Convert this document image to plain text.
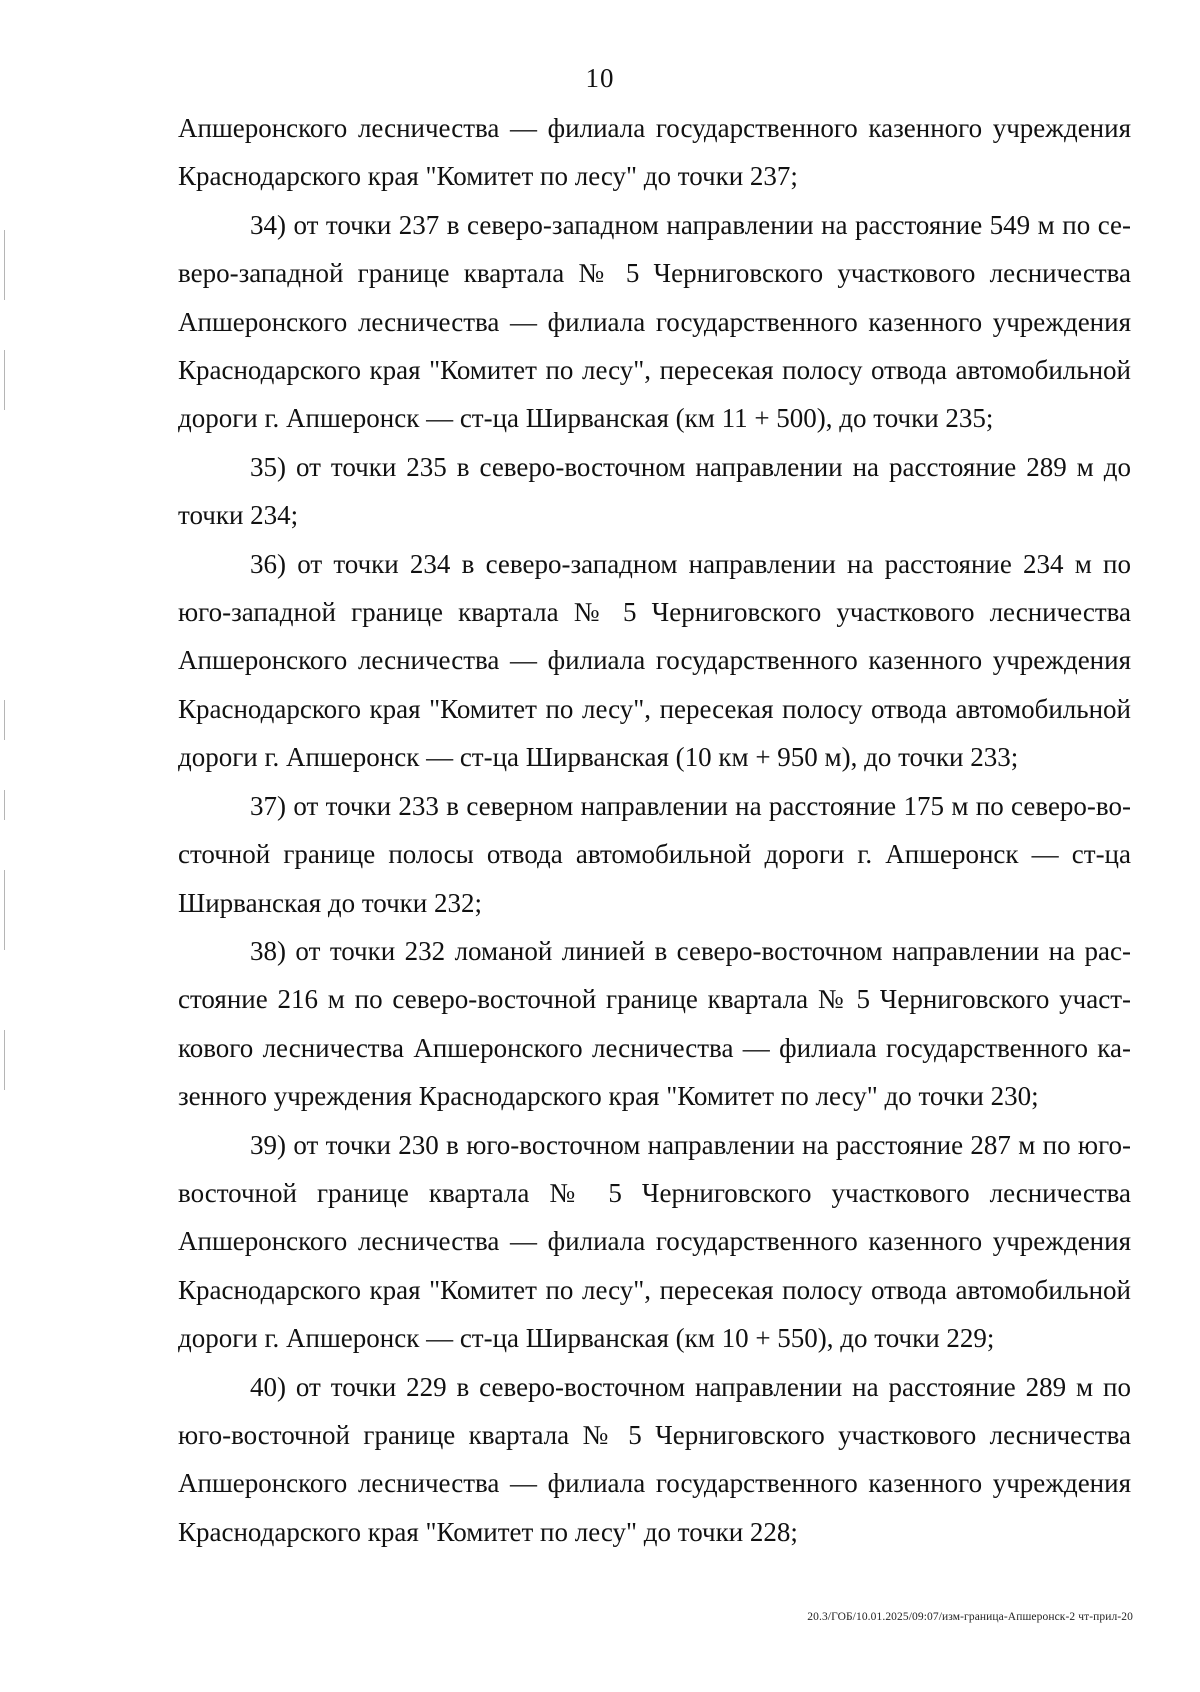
10

Апшеронского лесничества — филиала государственного казенного учреждения Краснодарского края "Комитет по лесу" до точки 237;

34) от точки 237 в северо-западном направлении на расстояние 549 м по северо-западной границе квартала № 5 Черниговского участкового лесничества Апшеронского лесничества — филиала государственного казенного учреждения Краснодарского края "Комитет по лесу", пересекая полосу отвода автомобильной дороги г. Апшеронск — ст-ца Ширванская (км 11 + 500), до точки 235;

35) от точки 235 в северо-восточном направлении на расстояние 289 м до точки 234;

36) от точки 234 в северо-западном направлении на расстояние 234 м по юго-западной границе квартала № 5 Черниговского участкового лесничества Апшеронского лесничества — филиала государственного казенного учреждения Краснодарского края "Комитет по лесу", пересекая полосу отвода автомобильной дороги г. Апшеронск — ст-ца Ширванская (10 км + 950 м), до точки 233;

37) от точки 233 в северном направлении на расстояние 175 м по северо-восточной границе полосы отвода автомобильной дороги г. Апшеронск — ст-ца Ширванская до точки 232;

38) от точки 232 ломаной линией в северо-восточном направлении на расстояние 216 м по северо-восточной границе квартала № 5 Черниговского участкового лесничества Апшеронского лесничества — филиала государственного казенного учреждения Краснодарского края "Комитет по лесу" до точки 230;

39) от точки 230 в юго-восточном направлении на расстояние 287 м по юго-восточной границе квартала № 5 Черниговского участкового лесничества Апшеронского лесничества — филиала государственного казенного учреждения Краснодарского края "Комитет по лесу", пересекая полосу отвода автомобильной дороги г. Апшеронск — ст-ца Ширванская (км 10 + 550), до точки 229;

40) от точки 229 в северо-восточном направлении на расстояние 289 м по юго-восточной границе квартала № 5 Черниговского участкового лесничества Апшеронского лесничества — филиала государственного казенного учреждения Краснодарского края "Комитет по лесу" до точки 228;

20.3/ГОБ/10.01.2025/09:07/изм-граница-Апшеронск-2 чт-прил-20
